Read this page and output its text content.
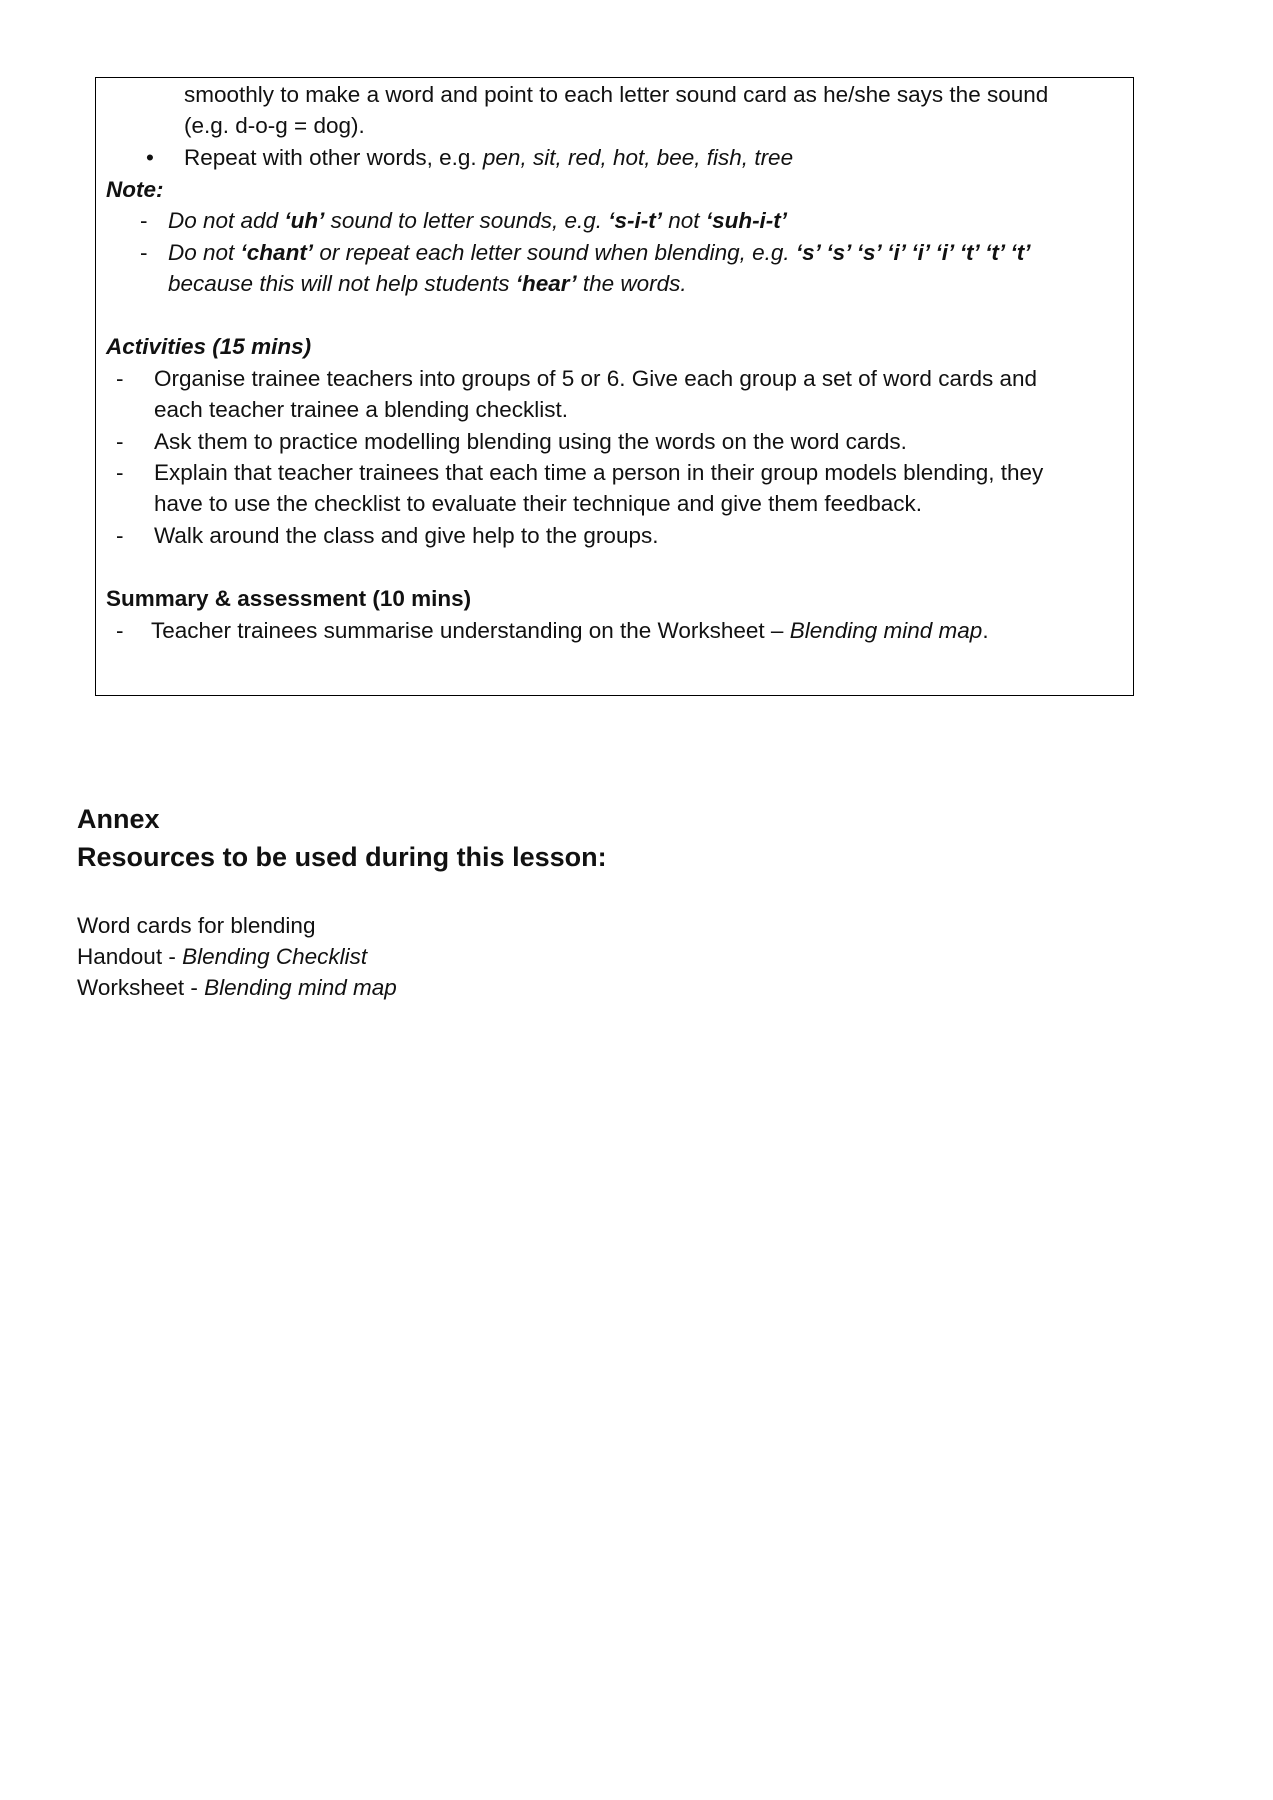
smoothly to make a word and point to each letter sound card as he/she says the sound
(e.g. d-o-g = dog).
• Repeat with other words, e.g. pen, sit, red, hot, bee, fish, tree
Note:
- Do not add ‘uh’ sound to letter sounds, e.g. ‘s-i-t’ not ‘suh-i-t’
- Do not ‘chant’ or repeat each letter sound when blending, e.g. ‘s’ ‘s’ ‘s’ ‘i’ ‘i’ ‘i’ ‘t’ ‘t’ ‘t’
because this will not help students ‘hear’ the words.
Activities (15 mins)
- Organise trainee teachers into groups of 5 or 6. Give each group a set of word cards and
each teacher trainee a blending checklist.
- Ask them to practice modelling blending using the words on the word cards.
- Explain that teacher trainees that each time a person in their group models blending, they
have to use the checklist to evaluate their technique and give them feedback.
- Walk around the class and give help to the groups.
Summary & assessment (10 mins)
- Teacher trainees summarise understanding on the Worksheet – Blending mind map.
Annex
Resources to be used during this lesson:
Word cards for blending
Handout - Blending Checklist
Worksheet - Blending mind map
